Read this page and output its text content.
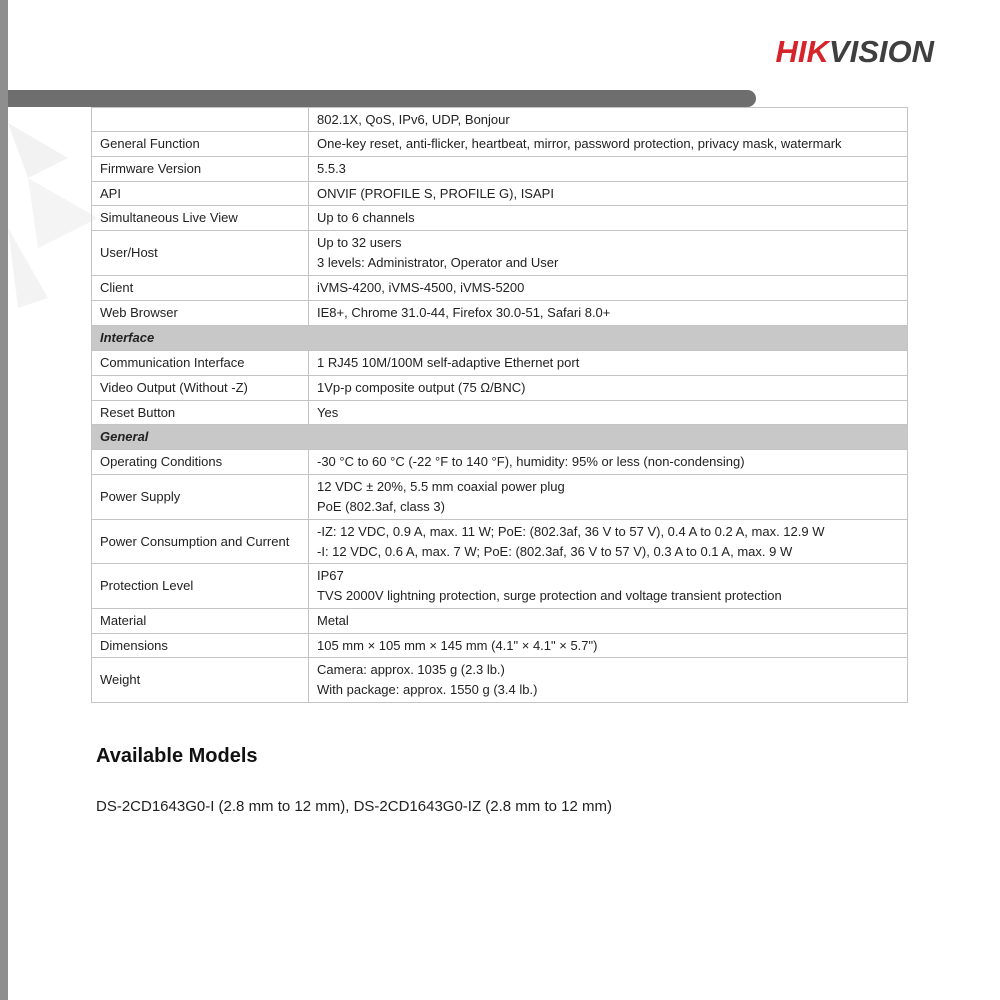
HIKVISION

	802.1X, QoS, IPv6, UDP, Bonjour

General Function	One-key reset, anti-flicker, heartbeat, mirror, password protection, privacy mask, watermark

Firmware Version	5.5.3

API	ONVIF (PROFILE S, PROFILE G), ISAPI

Simultaneous Live View	Up to 6 channels

User/Host	Up to 32 users
3 levels: Administrator, Operator and User

Client	iVMS-4200, iVMS-4500, iVMS-5200

Web Browser	IE8+, Chrome 31.0-44, Firefox 30.0-51, Safari 8.0+

Interface	
Communication Interface	1 RJ45 10M/100M self-adaptive Ethernet port

Video Output (Without -Z)	1Vp-p composite output (75 Ω/BNC)

Reset Button	Yes

General	
Operating Conditions	-30 °C to 60 °C (-22 °F to 140 °F), humidity: 95% or less (non-condensing)

Power Supply	12 VDC ± 20%, 5.5 mm coaxial power plug
PoE (802.3af, class 3)

Power Consumption and Current	-IZ: 12 VDC, 0.9 A, max. 11 W; PoE: (802.3af, 36 V to 57 V), 0.4 A to 0.2 A, max. 12.9 W
-I: 12 VDC, 0.6 A, max. 7 W; PoE: (802.3af, 36 V to 57 V), 0.3 A to 0.1 A, max. 9 W

Protection Level	IP67
TVS 2000V lightning protection, surge protection and voltage transient protection

Material	Metal

Dimensions	105 mm × 105 mm × 145 mm (4.1" × 4.1" × 5.7")

Weight	Camera: approx. 1035 g (2.3 lb.)
With package: approx. 1550 g (3.4 lb.)
Available Models
DS-2CD1643G0-I (2.8 mm to 12 mm), DS-2CD1643G0-IZ (2.8 mm to 12 mm)
